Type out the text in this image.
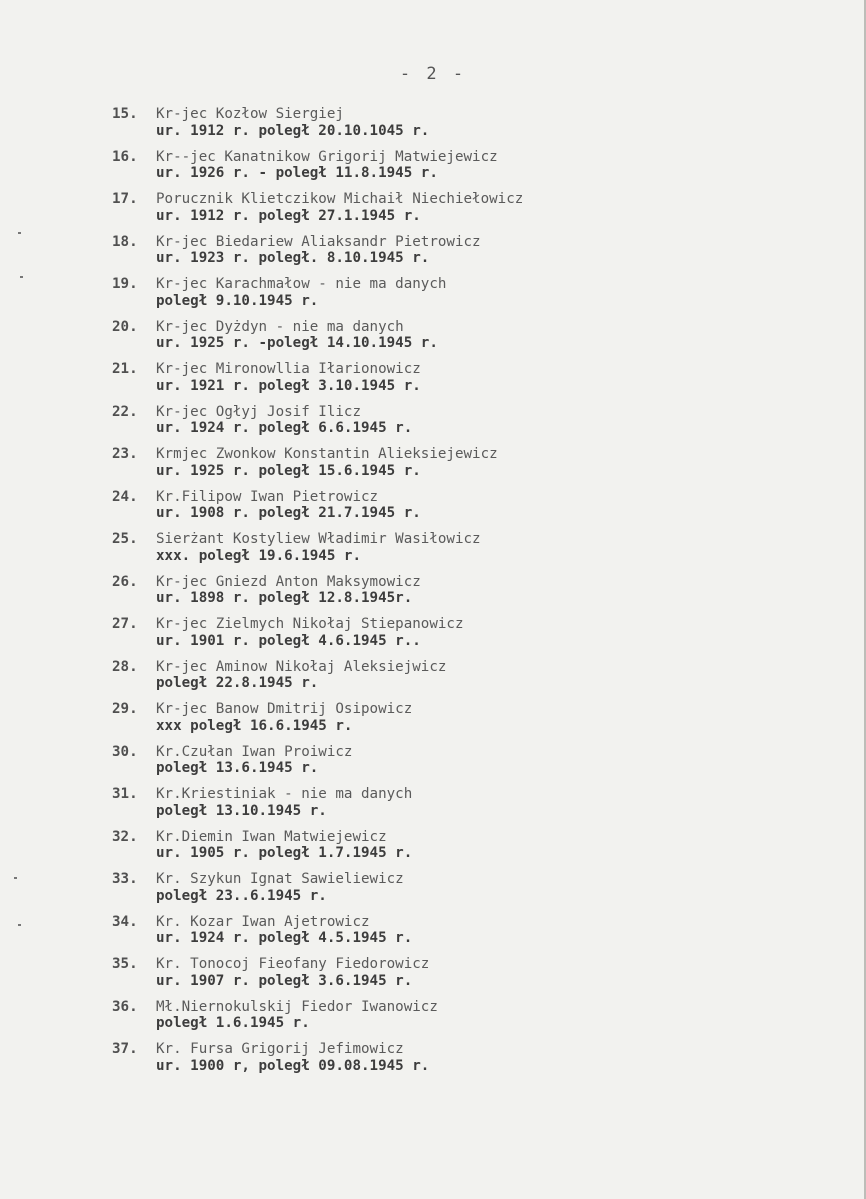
- 2 -
15.	Kr-jec Kozłow Siergiej
ur. 1912 r. poległ 20.10.1045 r.
16.	Kr--jec Kanatnikow Grigorij Matwiejewicz
ur. 1926 r. - poległ 11.8.1945 r.
17.	Porucznik Klietczikow Michaił Niechiełowicz
ur. 1912 r. poległ 27.1.1945 r.
18.	Kr-jec Biedariew Aliaksandr Pietrowicz
ur. 1923 r. poległ. 8.10.1945 r.
19.	Kr-jec Karachmałow - nie ma danych
poległ 9.10.1945 r.
20.	Kr-jec Dyżdyn - nie ma danych
ur. 1925 r. -poległ 14.10.1945 r.
21.	Kr-jec Mironowllia Iłarionowicz
ur. 1921 r. poległ 3.10.1945 r.
22.	Kr-jec Ogłyj Josif Ilicz
ur. 1924 r. poległ 6.6.1945 r.
23.	Krmjec Zwonkow Konstantin Alieksiejewicz
ur. 1925 r. poległ 15.6.1945 r.
24.	Kr.Filipow Iwan Pietrowicz
ur. 1908 r. poległ 21.7.1945 r.
25.	Sierżant Kostyliew Władimir Wasiłowicz
xxx. poległ 19.6.1945 r.
26.	Kr-jec Gniezd Anton Maksymowicz
ur. 1898 r. poległ 12.8.1945r.
27.	Kr-jec Zielmych Nikołaj Stiepanowicz
ur. 1901 r. poległ 4.6.1945 r..
28.	Kr-jec Aminow Nikołaj Aleksiejwicz
poległ 22.8.1945 r.
29.	Kr-jec Banow Dmitrij Osipowicz
xxx poległ 16.6.1945 r.
30.	Kr.Czułan Iwan Proiwicz
poległ 13.6.1945 r.
31.	Kr.Kriestiniak - nie ma danych
poległ 13.10.1945 r.
32.	Kr.Diemin Iwan Matwiejewicz
ur. 1905 r. poległ 1.7.1945 r.
33.	Kr. Szykun Ignat Sawieliewicz
poległ 23..6.1945 r.
34.	Kr. Kozar Iwan Ajetrowicz
ur. 1924 r. poległ 4.5.1945 r.
35.	Kr. Tonocoj Fieofany Fiedorowicz
ur. 1907 r. poległ 3.6.1945 r.
36.	Mł.Niernokulskij Fiedor Iwanowicz
poległ 1.6.1945 r.
37.	Kr. Fursa Grigorij Jefimowicz
ur. 1900 r, poległ 09.08.1945 r.
